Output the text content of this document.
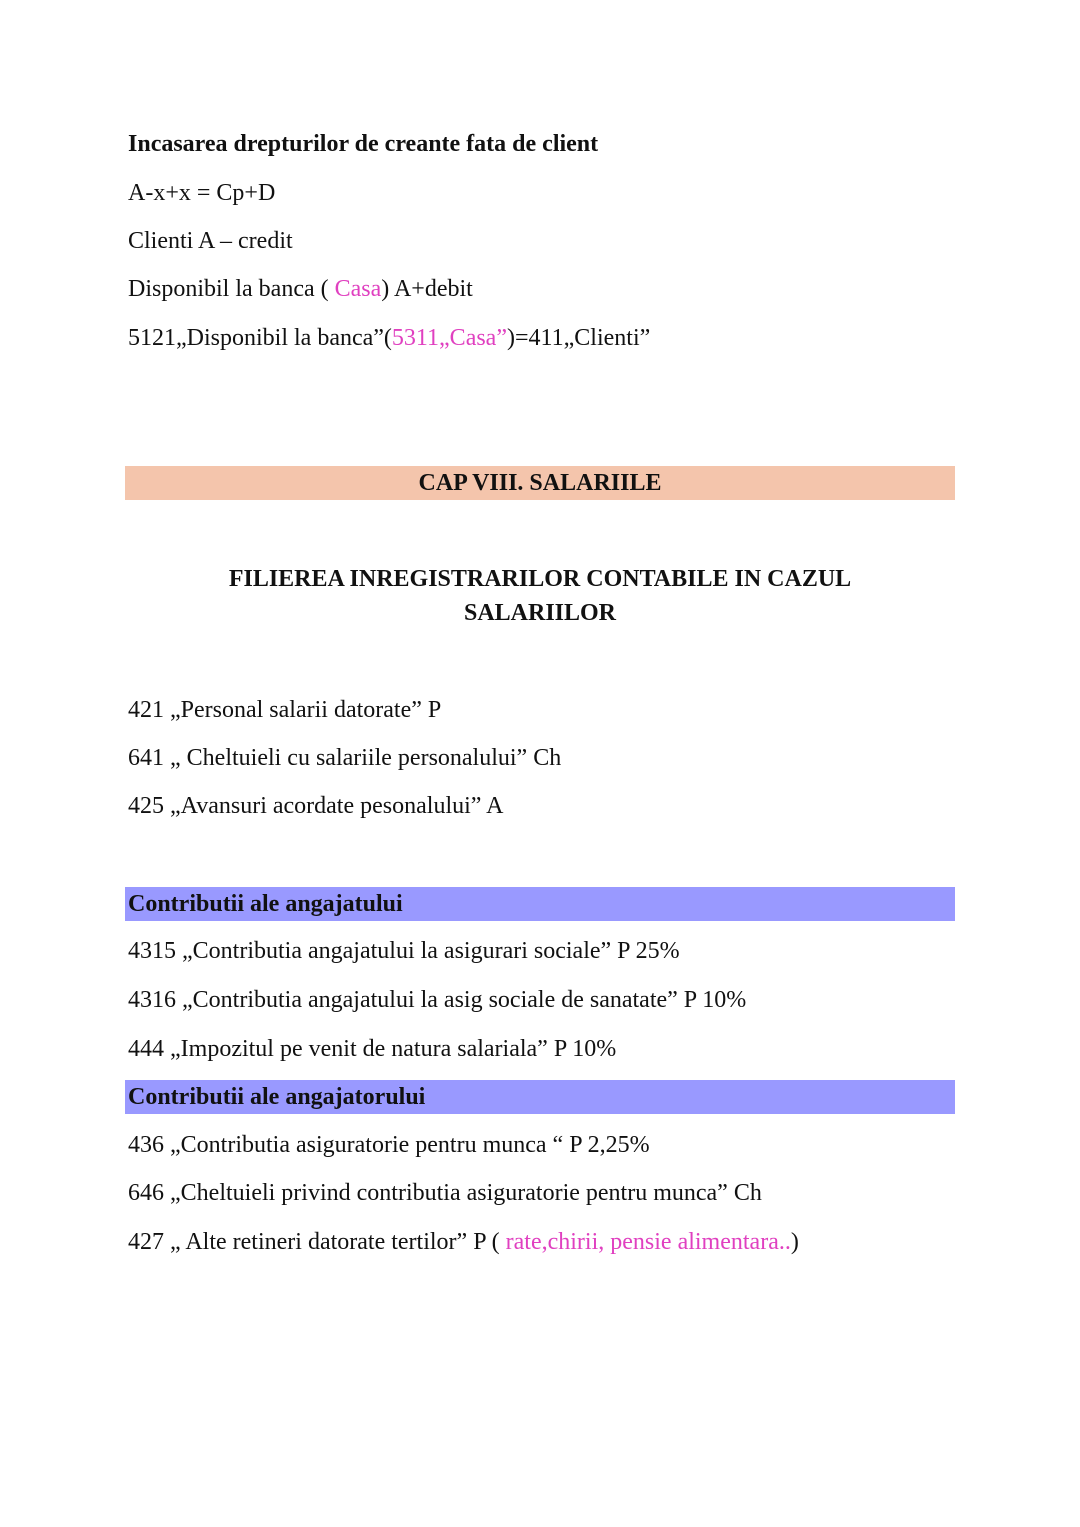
Incasarea drepturilor de creante fata de client
A-x+x = Cp+D
Clienti A – credit
Disponibil la banca ( Casa) A+debit
5121„Disponibil la banca”(5311„Casa”)=411„Clienti”
CAP VIII. SALARIILE
FILIEREA INREGISTRARILOR CONTABILE IN CAZUL
SALARIILOR
421 „Personal salarii datorate” P
641 „ Cheltuieli cu salariile personalului” Ch
425 „Avansuri acordate pesonalului” A
Contributii ale angajatului
4315 „Contributia angajatului la asigurari sociale” P 25%
4316 „Contributia angajatului la asig sociale de sanatate” P 10%
444 „Impozitul pe venit de natura salariala” P 10%
Contributii ale angajatorului
436 „Contributia asiguratorie pentru munca “ P 2,25%
646 „Cheltuieli privind contributia asiguratorie pentru munca” Ch
427 „ Alte retineri datorate tertilor” P ( rate,chirii, pensie alimentara..)
